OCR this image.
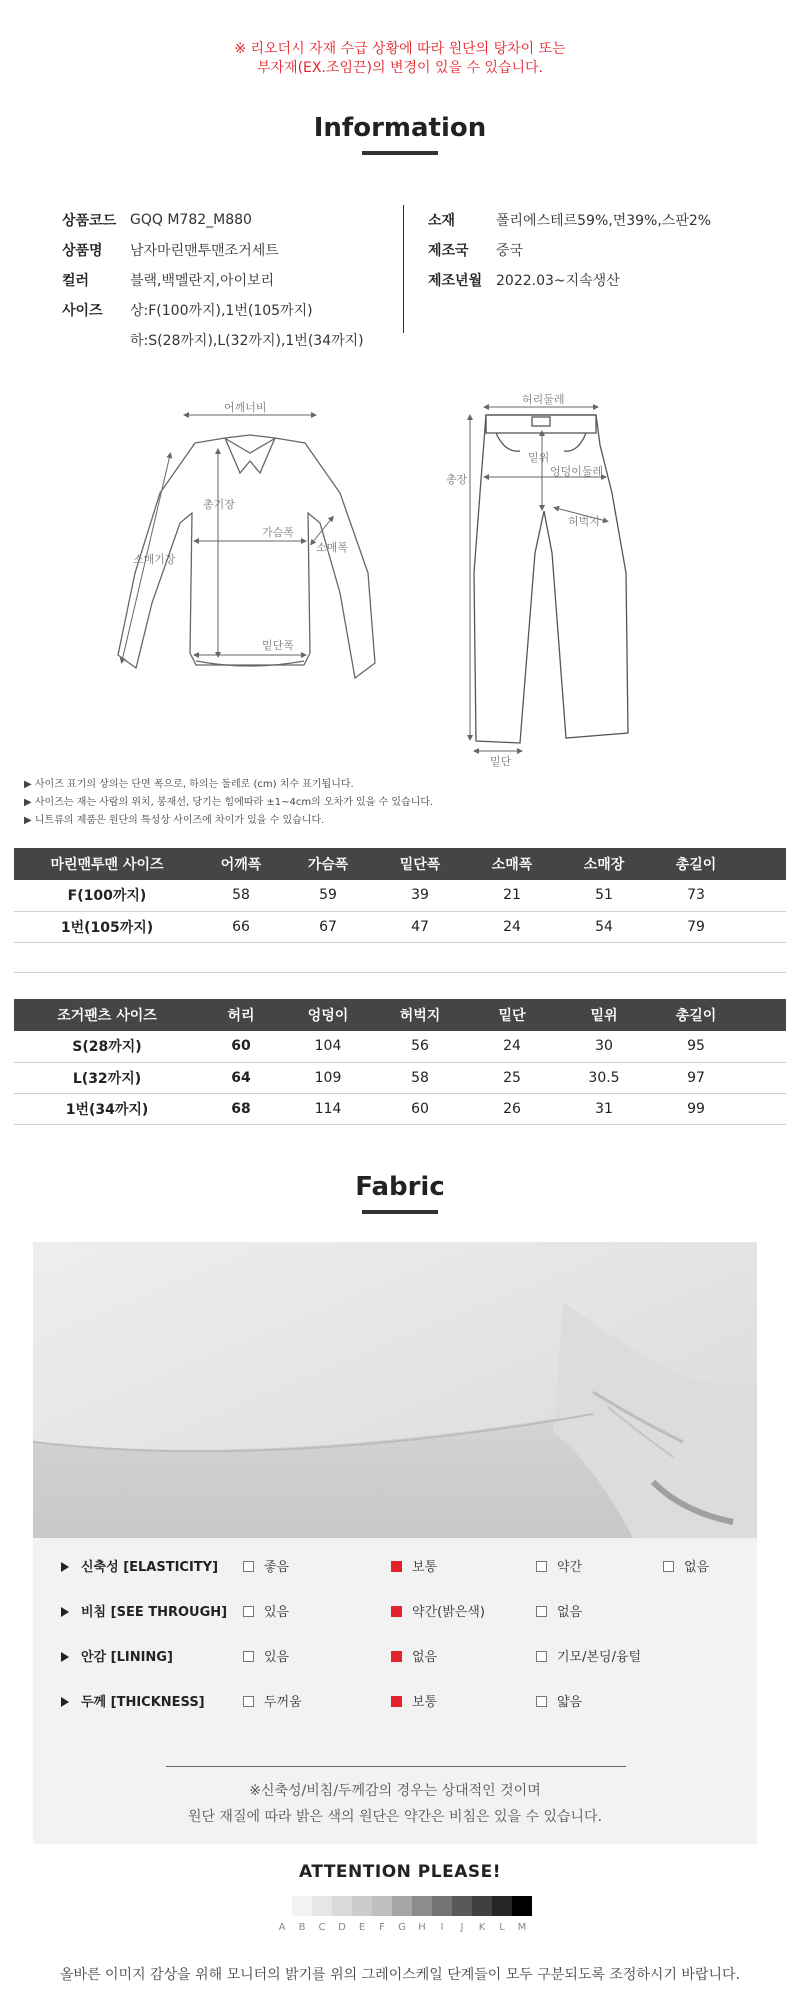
※ 리오더시 자재 수급 상황에 따라 원단의 탕차이 또는
부자재(EX.조임끈)의 변경이 있을 수 있습니다.
Information
상품코드 GQQ M782_M880
상품명	남자마린맨투맨조거세트
컬러	블랙,백멜란지,아이보리
사이즈	상:F(100까지),1번(105까지)
하:S(28까지),L(32까지),1번(34까지)
소재	폴리에스테르59%,면39%,스판2%
제조국	중국
제조년월 2022.03~지속생산
어깨너비
총기장
가슴폭
소매기장
소매폭
밑단폭
허리둘레
밑위
총장
엉덩이둘레
허벅지
밑단
▶ 사이즈 표기의 상의는 단면 폭으로, 하의는 둘레로 (cm) 치수 표기됩니다.
▶ 사이즈는 재는 사람의 위치, 봉재선, 당기는 힘에따라 ±1~4cm의 오차가 있을 수 있습니다.
▶ 니트류의 제품은 원단의 특성상 사이즈에 차이가 있을 수 있습니다.
마린맨투맨 사이즈	어깨폭	가슴폭	밑단폭	소매폭	소매장	총길이	
F(100까지)	58	59	39	21	51	73	
1번(105까지)	66	67	47	24	54	79	

조거팬츠 사이즈	허리	엉덩이	허벅지	밑단	밑위	총길이	
S(28까지)	60	104	56	24	30	95	
L(32까지)	64	109	58	25	30.5	97	
1번(34까지)	68	114	60	26	31	99	
Fabric
신축성 [ELASTICITY]	좋음	보통	약간	없음
비침 [SEE THROUGH]	있음	약간(밝은색)	없음
안감 [LINING]	있음	없음	기모/본딩/융털
두께 [THICKNESS]	두꺼움	보통	얇음
※신축성/비침/두께감의 경우는 상대적인 것이며
원단 재질에 따라 밝은 색의 원단은 약간은 비침은 있을 수 있습니다.
ATTENTION PLEASE!
A	B	C	D	E	F	G	H	I	J	K	L	M
올바른 이미지 감상을 위해 모니터의 밝기를 위의 그레이스케일 단계들이 모두 구분되도록 조정하시기 바랍니다.
